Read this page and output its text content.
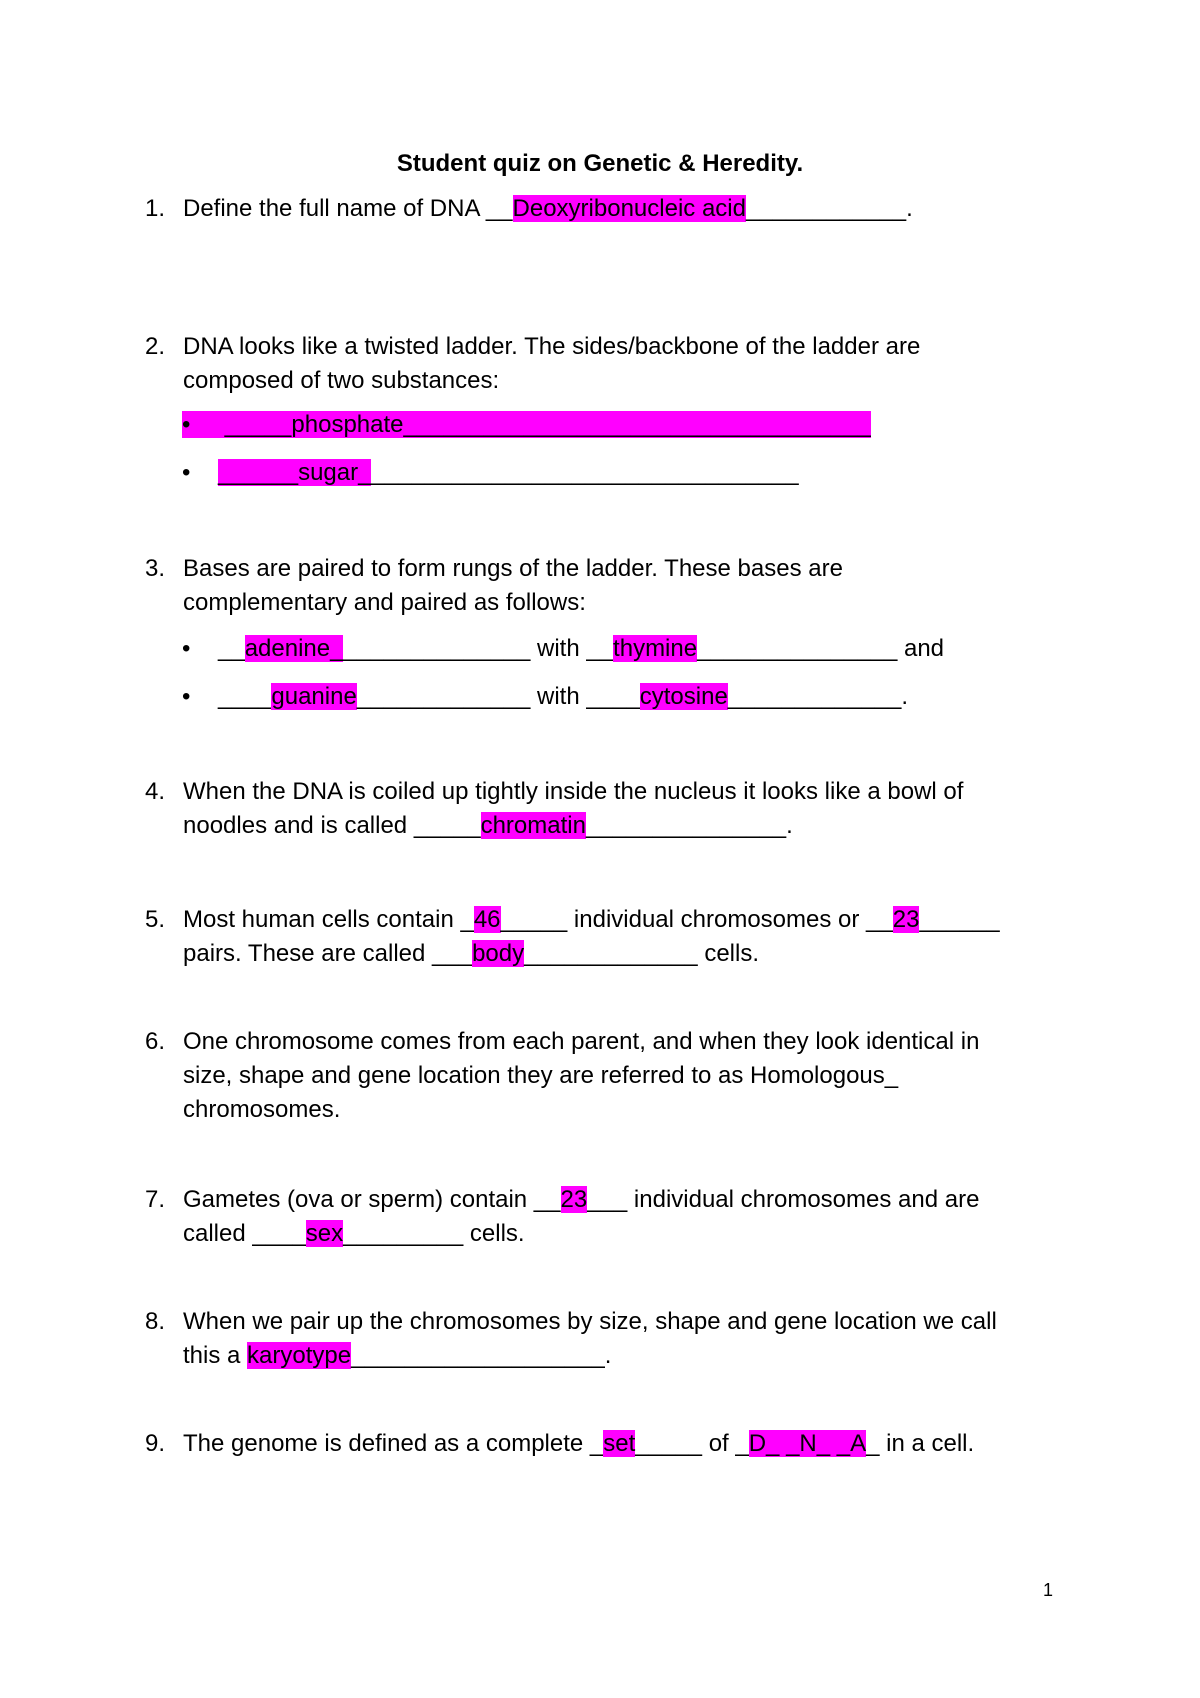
Student quiz on Genetic & Heredity.
1. Define the full name of DNA __Deoxyribonucleic acid____________.
2. DNA looks like a twisted ladder. The sides/backbone of the ladder are
composed of two substances:
• _____phosphate___________________________________
• ______sugar_________________________________
3. Bases are paired to form rungs of the ladder. These bases are
complementary and paired as follows:
• __adenine_______________ with __thymine_______________ and
• ____guanine_____________ with ____cytosine_____________.
4. When the DNA is coiled up tightly inside the nucleus it looks like a bowl of
noodles and is called _____chromatin_______________.
5. Most human cells contain _46_____ individual chromosomes or __23______
pairs. These are called ___body_____________ cells.
6. One chromosome comes from each parent, and when they look identical in
size, shape and gene location they are referred to as Homologous_
chromosomes.
7. Gametes (ova or sperm) contain __23___ individual chromosomes and are
called ____sex_________ cells.
8. When we pair up the chromosomes by size, shape and gene location we call
this a karyotype___________________.
9. The genome is defined as a complete _set_____ of _D_ _N_ _A_ in a cell.
1
